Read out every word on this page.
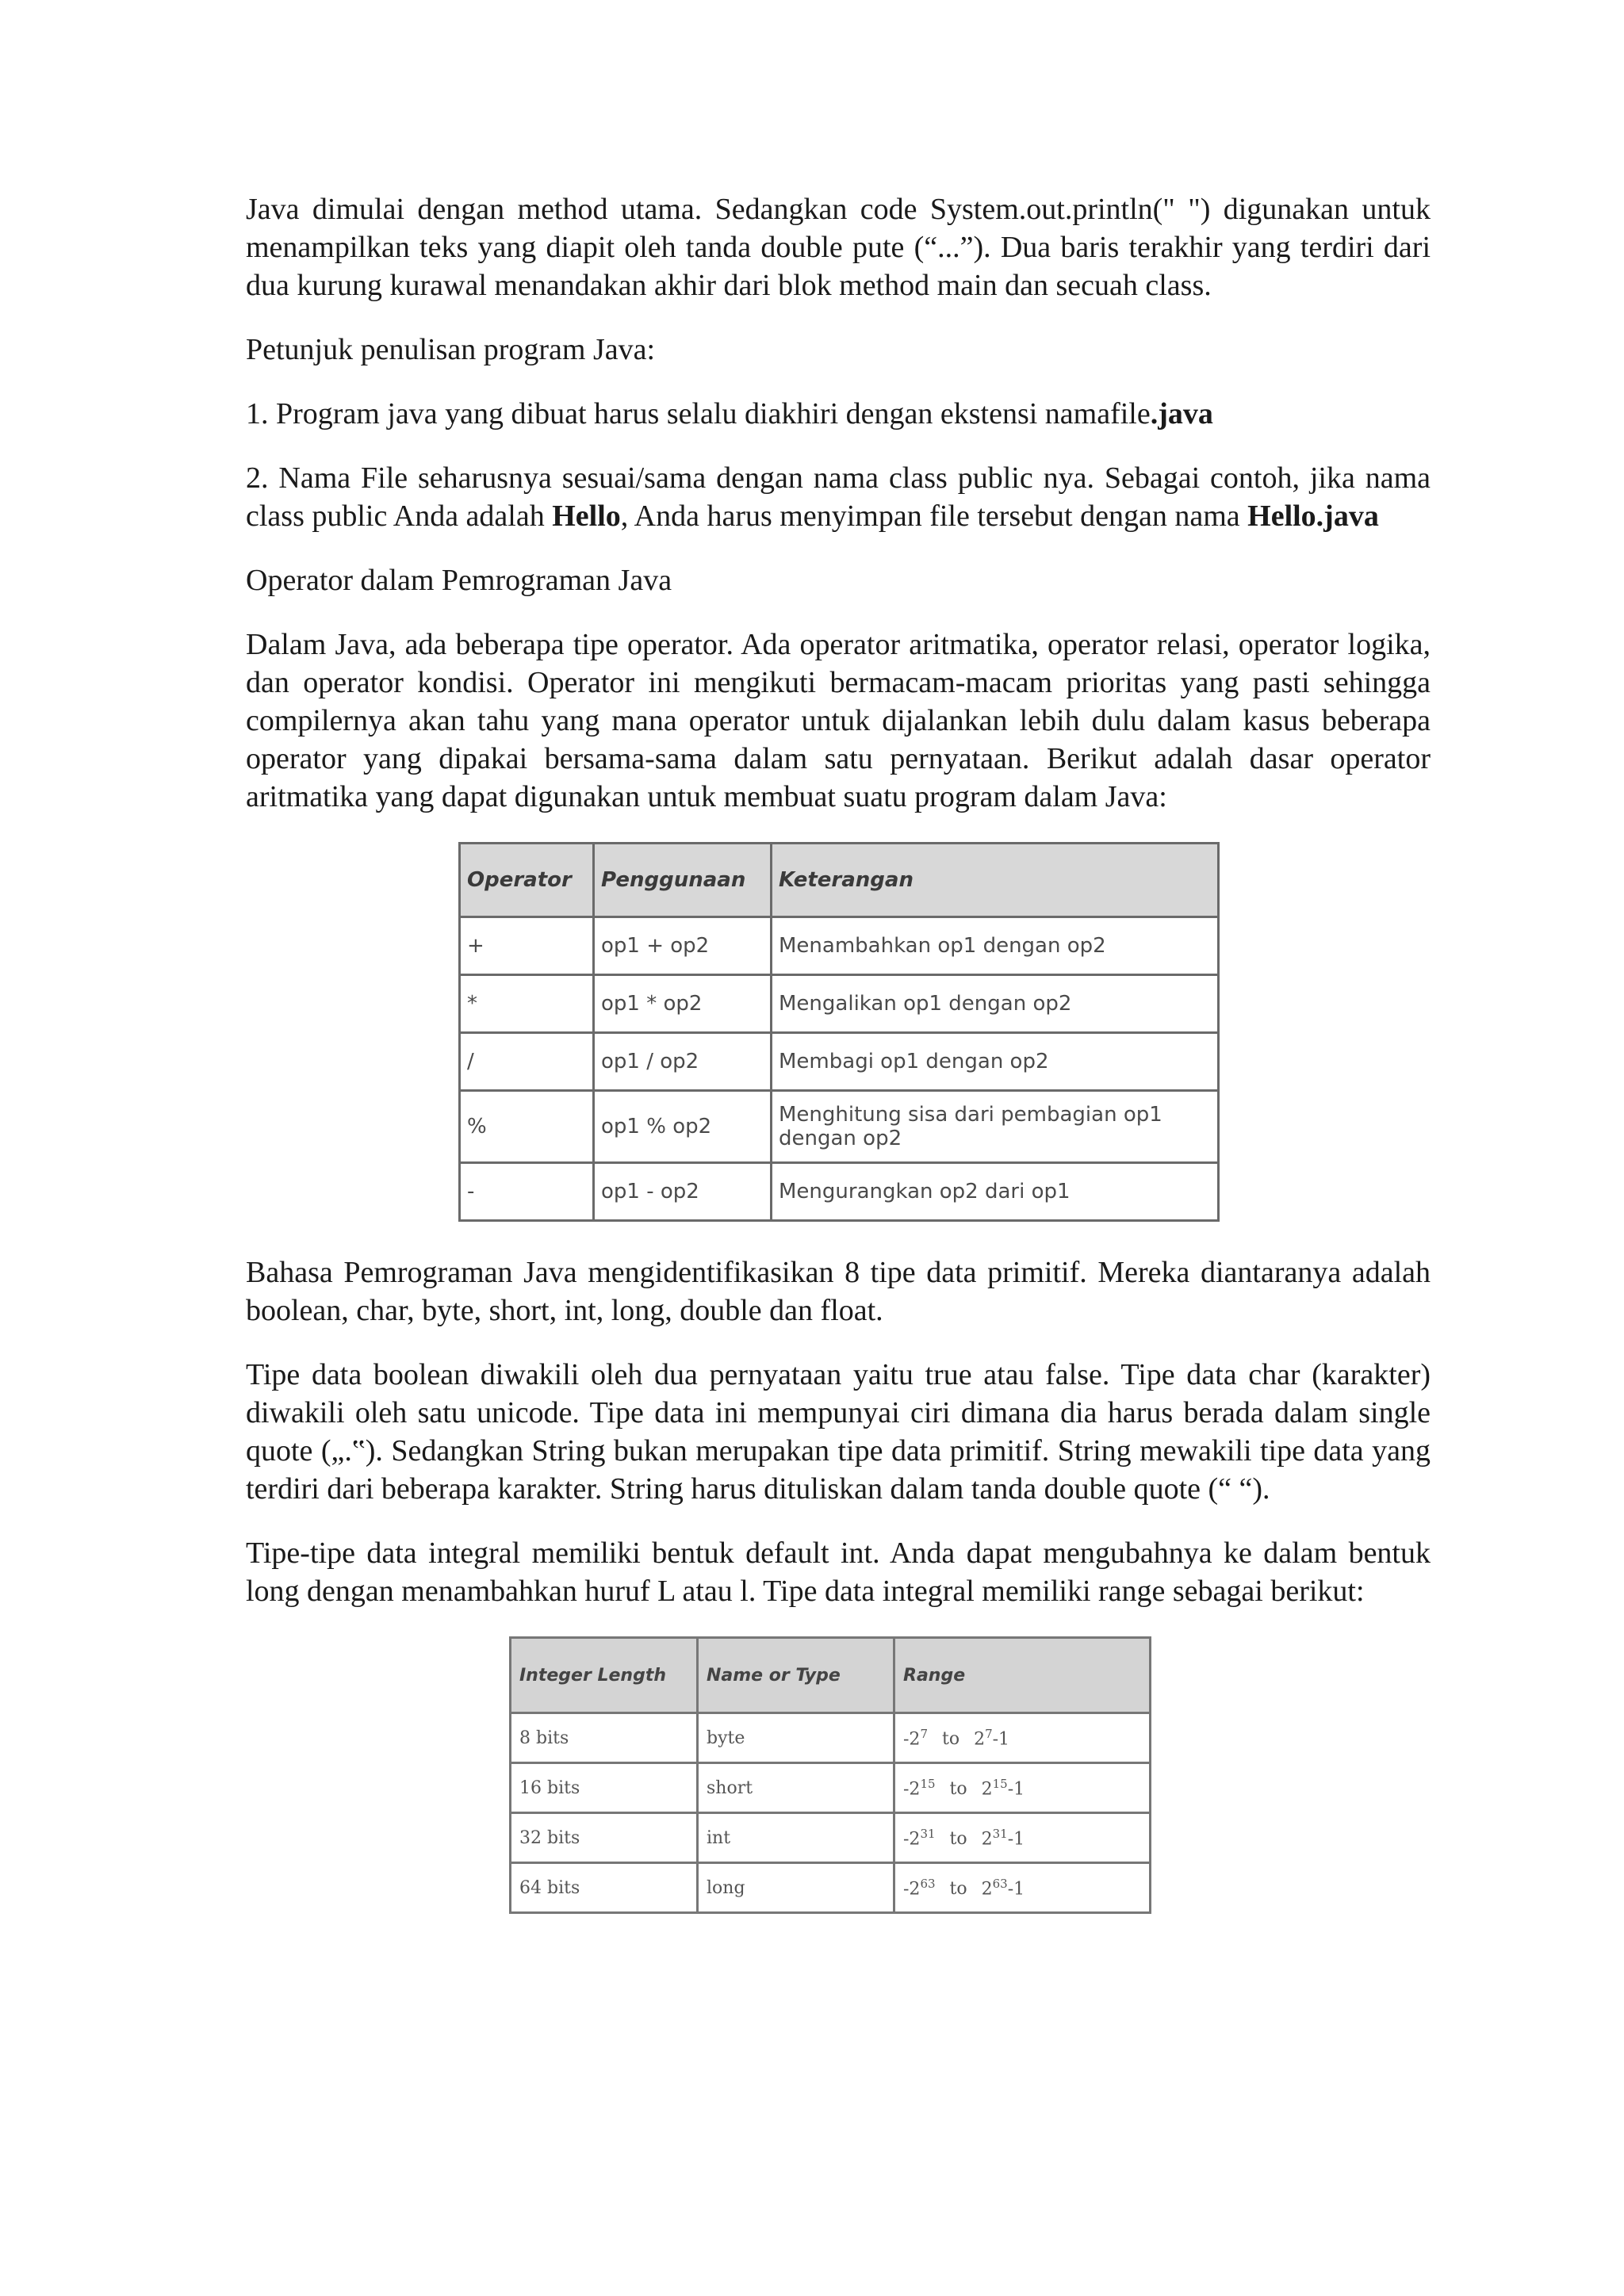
Java dimulai dengan method utama. Sedangkan code System.out.println(" ") digunakan untuk menampilkan teks yang diapit oleh tanda double pute (“...”). Dua baris terakhir yang terdiri dari dua kurung kurawal menandakan akhir dari blok method main dan secuah class.

Petunjuk penulisan program Java:

1. Program java yang dibuat harus selalu diakhiri dengan ekstensi namafile.java

2. Nama File seharusnya sesuai/sama dengan nama class public nya. Sebagai contoh, jika nama class public Anda adalah Hello, Anda harus menyimpan file tersebut dengan nama Hello.java

Operator dalam Pemrograman Java

Dalam Java, ada beberapa tipe operator. Ada operator aritmatika, operator relasi, operator logika, dan operator kondisi. Operator ini mengikuti bermacam-macam prioritas yang pasti sehingga compilernya akan tahu yang mana operator untuk dijalankan lebih dulu dalam kasus beberapa operator yang dipakai bersama-sama dalam satu pernyataan. Berikut adalah dasar operator aritmatika yang dapat digunakan untuk membuat suatu program dalam Java:

Operator	Penggunaan	Keterangan
+	op1 + op2	Menambahkan op1 dengan op2
*	op1 * op2	Mengalikan op1 dengan op2
/	op1 / op2	Membagi op1 dengan op2
%	op1 % op2	Menghitung sisa dari pembagian op1 dengan op2
-	op1 - op2	Mengurangkan op2 dari op1

Bahasa Pemrograman Java mengidentifikasikan 8 tipe data primitif. Mereka diantaranya adalah boolean, char, byte, short, int, long, double dan float.

Tipe data boolean diwakili oleh dua pernyataan yaitu true atau false. Tipe data char (karakter) diwakili oleh satu unicode. Tipe data ini mempunyai ciri dimana dia harus berada dalam single quote („.‟). Sedangkan String bukan merupakan tipe data primitif. String mewakili tipe data yang terdiri dari beberapa karakter. String harus dituliskan dalam tanda double quote (“ “).

Tipe-tipe data integral memiliki bentuk default int. Anda dapat mengubahnya ke dalam bentuk long dengan menambahkan huruf L atau l. Tipe data integral memiliki range sebagai berikut:

Integer Length	Name or Type	Range
8 bits	byte	$-2^7$ to $2^7-1$
16 bits	short	$-2^{15}$ to $2^{15}-1$
32 bits	int	$-2^{31}$ to $2^{31}-1$
64 bits	long	$-2^{63}$ to $2^{63}-1$
